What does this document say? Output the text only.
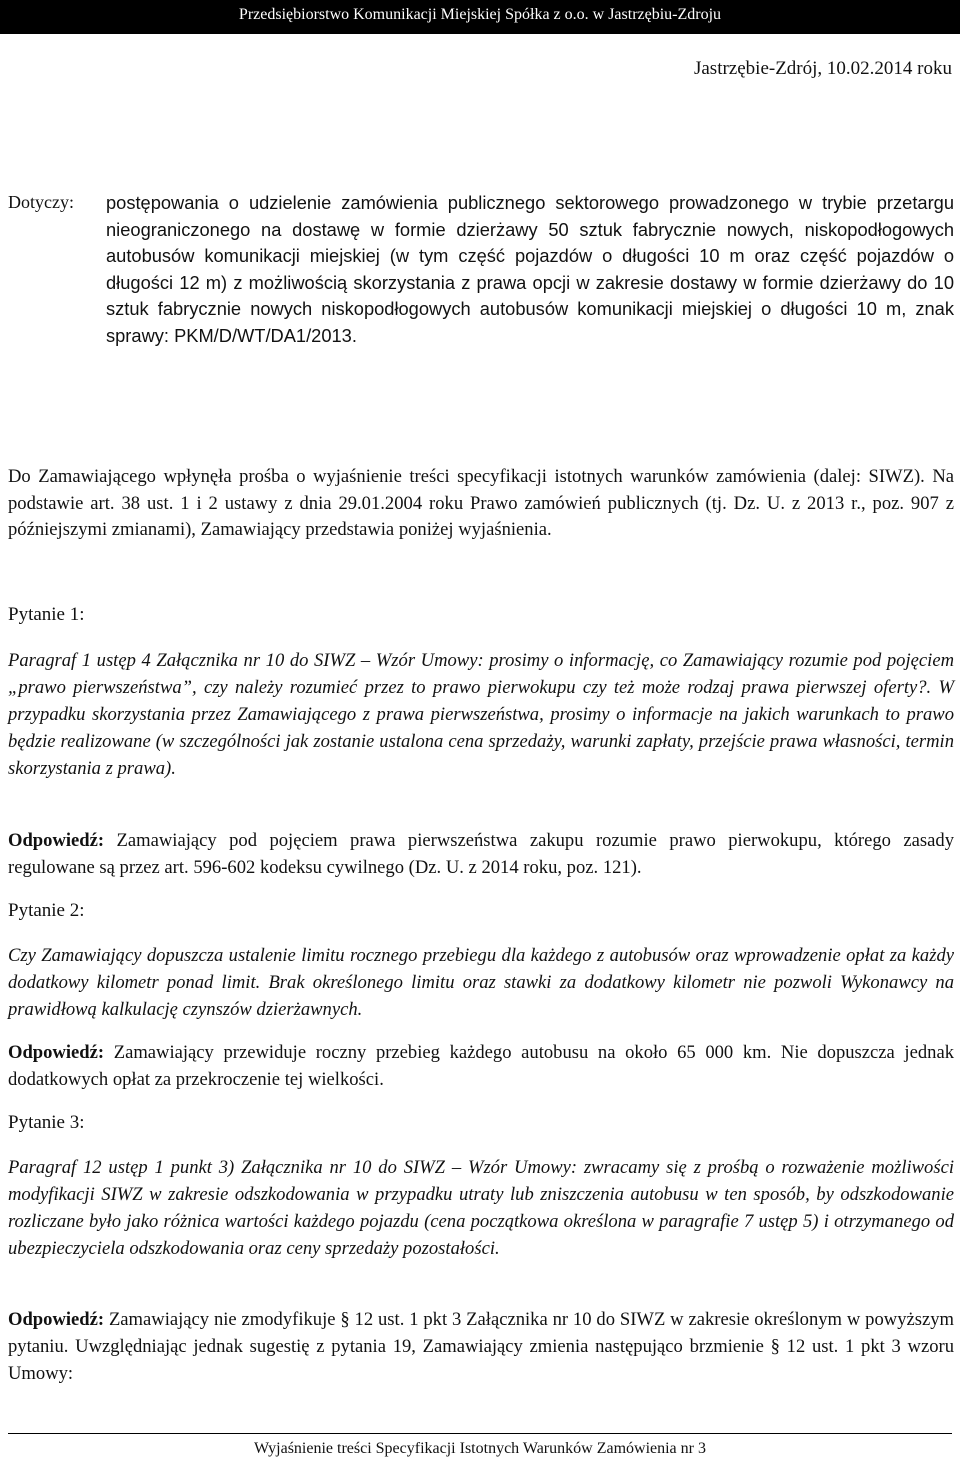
Przedsiębiorstwo Komunikacji Miejskiej Spółka z o.o. w Jastrzębiu-Zdroju
Jastrzębie-Zdrój, 10.02.2014 roku
Dotyczy: postępowania o udzielenie zamówienia publicznego sektorowego prowadzonego w trybie przetargu nieograniczonego na dostawę w formie dzierżawy 50 sztuk fabrycznie nowych, niskopodłogowych autobusów komunikacji miejskiej (w tym część pojazdów o długości 10 m oraz część pojazdów o długości 12 m) z możliwością skorzystania z prawa opcji w zakresie dostawy w formie dzierżawy do 10 sztuk fabrycznie nowych niskopodłogowych autobusów komunikacji miejskiej o długości 10 m, znak sprawy: PKM/D/WT/DA1/2013.
Do Zamawiającego wpłynęła prośba o wyjaśnienie treści specyfikacji istotnych warunków zamówienia (dalej: SIWZ). Na podstawie art. 38 ust. 1 i 2 ustawy z dnia 29.01.2004 roku Prawo zamówień publicznych (tj. Dz. U. z 2013 r., poz. 907 z późniejszymi zmianami), Zamawiający przedstawia poniżej wyjaśnienia.
Pytanie 1:
Paragraf 1 ustęp 4 Załącznika nr 10 do SIWZ – Wzór Umowy: prosimy o informację, co Zamawiający rozumie pod pojęciem „prawo pierwszeństwa”, czy należy rozumieć przez to prawo pierwokupu czy też może rodzaj prawa pierwszej oferty?. W przypadku skorzystania przez Zamawiającego z prawa pierwszeństwa, prosimy o informacje na jakich warunkach to prawo będzie realizowane (w szczególności jak zostanie ustalona cena sprzedaży, warunki zapłaty, przejście prawa własności, termin skorzystania z prawa).
Odpowiedź: Zamawiający pod pojęciem prawa pierwszeństwa zakupu rozumie prawo pierwokupu, którego zasady regulowane są przez art. 596-602 kodeksu cywilnego (Dz. U. z 2014 roku, poz. 121).
Pytanie 2:
Czy Zamawiający dopuszcza ustalenie limitu rocznego przebiegu dla każdego z autobusów oraz wprowadzenie opłat za każdy dodatkowy kilometr ponad limit. Brak określonego limitu oraz stawki za dodatkowy kilometr nie pozwoli Wykonawcy na prawidłową kalkulację czynszów dzierżawnych.
Odpowiedź: Zamawiający przewiduje roczny przebieg każdego autobusu na około 65 000 km. Nie dopuszcza jednak dodatkowych opłat za przekroczenie tej wielkości.
Pytanie 3:
Paragraf 12 ustęp 1 punkt 3) Załącznika nr 10 do SIWZ – Wzór Umowy: zwracamy się z prośbą o rozważenie możliwości modyfikacji SIWZ w zakresie odszkodowania w przypadku utraty lub zniszczenia autobusu w ten sposób, by odszkodowanie rozliczane było jako różnica wartości każdego pojazdu (cena początkowa określona w paragrafie 7 ustęp 5) i otrzymanego od ubezpieczyciela odszkodowania oraz ceny sprzedaży pozostałości.
Odpowiedź: Zamawiający nie zmodyfikuje § 12 ust. 1 pkt 3 Załącznika nr 10 do SIWZ w zakresie określonym w powyższym pytaniu. Uwzględniając jednak sugestię z pytania 19, Zamawiający zmienia następująco brzmienie § 12 ust. 1 pkt 3 wzoru Umowy:
Wyjaśnienie treści Specyfikacji Istotnych Warunków Zamówienia nr 3
